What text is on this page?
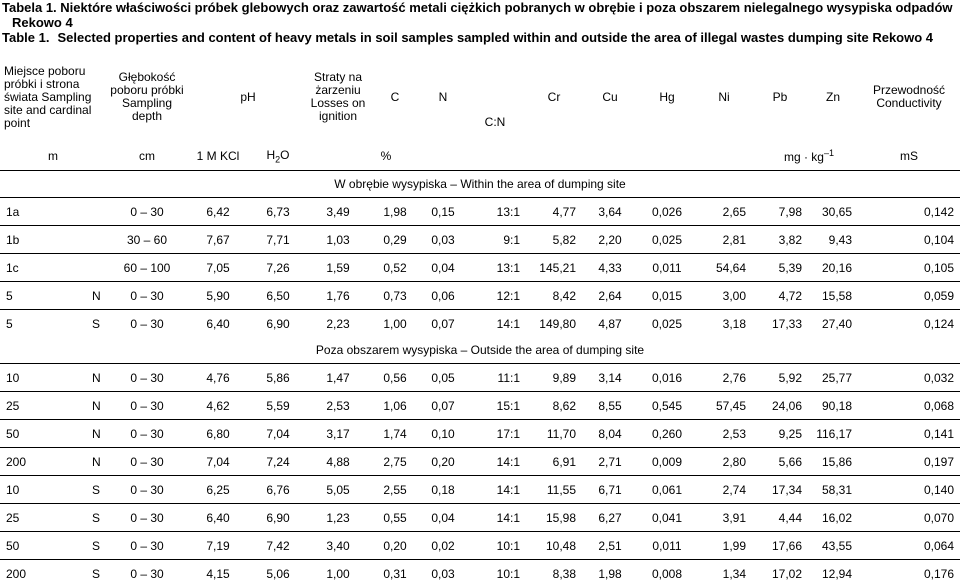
Tabela 1. Niektóre właściwości próbek glebowych oraz zawartość metali ciężkich pobranych w obrębie i poza obszarem nielegalnego wysypiska odpadów
Rekowo 4
Table 1. Selected properties and content of heavy metals in soil samples sampled within and outside the area of illegal wastes dumping site Rekowo 4
Miejsce poboru próbki i strona świata Sampling site and cardinal point		Głębokość poboru próbki Sampling depth	pH		Straty na żarzeniu Losses on ignition	C	N	C:N	Cr	Cu	Hg	Ni	Pb	Zn	Przewodność Conductivity
m		cm	1 M KCl	$H_2O$	%				mg · $kg^{-1}$						mS
W obrębie wysypiska – Within the area of dumping site															
1a		0 – 30	6,42	6,73	3,49	1,98	0,15	13:1	4,77	3,64	0,026	2,65	7,98	30,65	0,142
1b		30 – 60	7,67	7,71	1,03	0,29	0,03	9:1	5,82	2,20	0,025	2,81	3,82	9,43	0,104
1c		60 – 100	7,05	7,26	1,59	0,52	0,04	13:1	145,21	4,33	0,011	54,64	5,39	20,16	0,105
5	N	0 – 30	5,90	6,50	1,76	0,73	0,06	12:1	8,42	2,64	0,015	3,00	4,72	15,58	0,059
5	S	0 – 30	6,40	6,90	2,23	1,00	0,07	14:1	149,80	4,87	0,025	3,18	17,33	27,40	0,124
Poza obszarem wysypiska – Outside the area of dumping site															
10	N	0 – 30	4,76	5,86	1,47	0,56	0,05	11:1	9,89	3,14	0,016	2,76	5,92	25,77	0,032
25	N	0 – 30	4,62	5,59	2,53	1,06	0,07	15:1	8,62	8,55	0,545	57,45	24,06	90,18	0,068
50	N	0 – 30	6,80	7,04	3,17	1,74	0,10	17:1	11,70	8,04	0,260	2,53	9,25	116,17	0,141
200	N	0 – 30	7,04	7,24	4,88	2,75	0,20	14:1	6,91	2,71	0,009	2,80	5,66	15,86	0,197
10	S	0 – 30	6,25	6,76	5,05	2,55	0,18	14:1	11,55	6,71	0,061	2,74	17,34	58,31	0,140
25	S	0 – 30	6,40	6,90	1,23	0,55	0,04	14:1	15,98	6,27	0,041	3,91	4,44	16,02	0,070
50	S	0 – 30	7,19	7,42	3,40	0,20	0,02	10:1	10,48	2,51	0,011	1,99	17,66	43,55	0,064
200	S	0 – 30	4,15	5,06	1,00	0,31	0,03	10:1	8,38	1,98	0,008	1,34	17,02	12,94	0,176
